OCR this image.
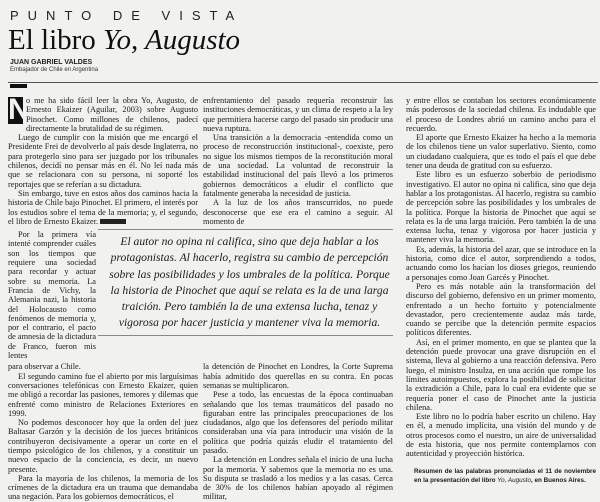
PUNTO DE VISTA
El libro Yo, Augusto
JUAN GABRIEL VALDES
Embajador de Chile en Argentina

N
o me ha sido fácil leer la obra Yo, Augusto, de Ernesto Ekaizer (Aguilar, 2003) sobre Augusto Pinochet. Como millones de chilenos, padecí directamente la brutalidad de su régimen.

Luego de cumplir con la misión que me encargó el Presidente Frei de devolverlo al país desde Inglaterra, no para protegerlo sino para ser juzgado por los tribunales chilenos, decidí no pensar más en él. No leí nada más que se relacionara con su persona, ni soporté los reportajes que se referían a su dictadura.

Sin embargo, tuve en estos años dos caminos hacia la historia de Chile bajo Pinochet. El primero, el interés por los estudios sobre el tema de la memoria; y, el segundo, el libro de Ernesto Ekaizer.

Por la primera vía intenté comprender cuáles son los tiempos que requiere una sociedad para recordar y actuar sobre su memoria. La Francia de Vichy, la Alemania nazi, la historia del Holocausto como fenómenos de memoria y, por el contrario, el pacto de amnesia de la dictadura de Franco, fueron mis lentes

El autor no opina ni califica, sino que deja hablar a los protagonistas. Al hacerlo, registra su cambio de percepción sobre las posibilidades y los umbrales de la política. Porque la historia de Pinochet que aquí se relata es la de una larga traición. Pero también la de una extensa lucha, tenaz y vigorosa por hacer justicia y mantener viva la memoria.

para observar a Chile.

El segundo camino fue el abierto por mis larguísimas conversaciones telefónicas con Ernesto Ekaizer, quien me obligó a recordar las pasiones, temores y dilemas que enfrenté como ministro de Relaciones Exteriores en 1999.

No podemos desconocer hoy que la orden del juez Baltasar Garzón y la decisión de los jueces británicos contribuyeron decisivamente a operar un corte en el tiempo psicológico de los chilenos, y a constituir un nuevo espacio de la conciencia, es decir, un nuevo presente.

Para la mayoría de los chilenos, la memoria de los crímenes de la dictadura era un trauma que demandaba una negación. Para los gobiernos democráticos, el

enfrentamiento del pasado requería reconstruir las instituciones democráticas, y un clima de respeto a la ley que permitiera hacerse cargo del pasado sin producir una nueva ruptura.

Una transición a la democracia -entendida como un proceso de reconstrucción institucional-, coexiste, pero no sigue los mismos tiempos de la reconstitución moral de una sociedad. La voluntad de reconstruir la estabilidad institucional del país llevó a los primeros gobiernos democráticos a eludir el conflicto que fatalmente generaba la necesidad de justicia.

A la luz de los años transcurridos, no puede desconocerse que ese era el camino a seguir. Al momento de

la detención de Pinochet en Londres, la Corte Suprema había admitido dos querellas en su contra. En pocas semanas se multiplicaron.

Pese a todo, las encuestas de la época continuaban señalando que los temas traumáticos del pasado no figuraban entre las principales preocupaciones de los ciudadanos, algo que los defensores del período militar consideraban una vía para introducir una visión de la política que podría quizás eludir el tratamiento del pasado.

La detención en Londres señala el inicio de una lucha por la memoria. Y sabemos que la memoria no es una. Su disputa se trasladó a los medios y a las casas. Cerca de 30% de los chilenos habían apoyado al régimen militar,

y entre ellos se contaban los sectores económicamente más poderosos de la sociedad chilena. Es indudable que el proceso de Londres abrió un camino ancho para el recuerdo.

El aporte que Ernesto Ekaizer ha hecho a la memoria de los chilenos tiene un valor superlativo. Siento, como un ciudadano cualquiera, que es todo el país el que debe tener una deuda de gratitud con su esfuerzo.

Este libro es un esfuerzo soberbio de periodismo investigativo. El autor no opina ni califica, sino que deja hablar a los protagonistas. Al hacerlo, registra su cambio de percepción sobre las posibilidades y los umbrales de la política. Porque la historia de Pinochet que aquí se relata es la de una larga traición. Pero también la de una extensa lucha, tenaz y vigorosa por hacer justicia y mantener viva la memoria.

Es, además, la historia del azar, que se introduce en la historia, como dice el autor, sorprendiendo a todos, actuando como los hacían los dioses griegos, reuniendo a personajes como Joan Garcés y Pinochet.

Pero es más notable aún la transformación del discurso del gobierno, defensivo en un primer momento, enfrentado a un hecho fortuito y potencialmente devastador, pero crecientemente audaz más tarde, cuando se percibe que la detención permite espacios políticos diferentes.

Así, en el primer momento, en que se plantea que la detención puede provocar una grave disrupción en el sistema, lleva al gobierno a una reacción defensiva. Pero luego, el ministro Insulza, en una acción que rompe los límites autoimpuestos, explora la posibilidad de solicitar la extradición a Chile, para lo cual era evidente que se requería poner el caso de Pinochet ante la justicia chilena.

Este libro no lo podría haber escrito un chileno. Hay en él, a menudo implícita, una visión del mundo y de otros procesos como el nuestro, un aire de universalidad de esta historia, que nos permite contemplarnos con autenticidad y proyección histórica.

Resumen de las palabras pronunciadas el 11 de noviembre en la presentación del libro Yo, Augusto, en Buenos Aires.
